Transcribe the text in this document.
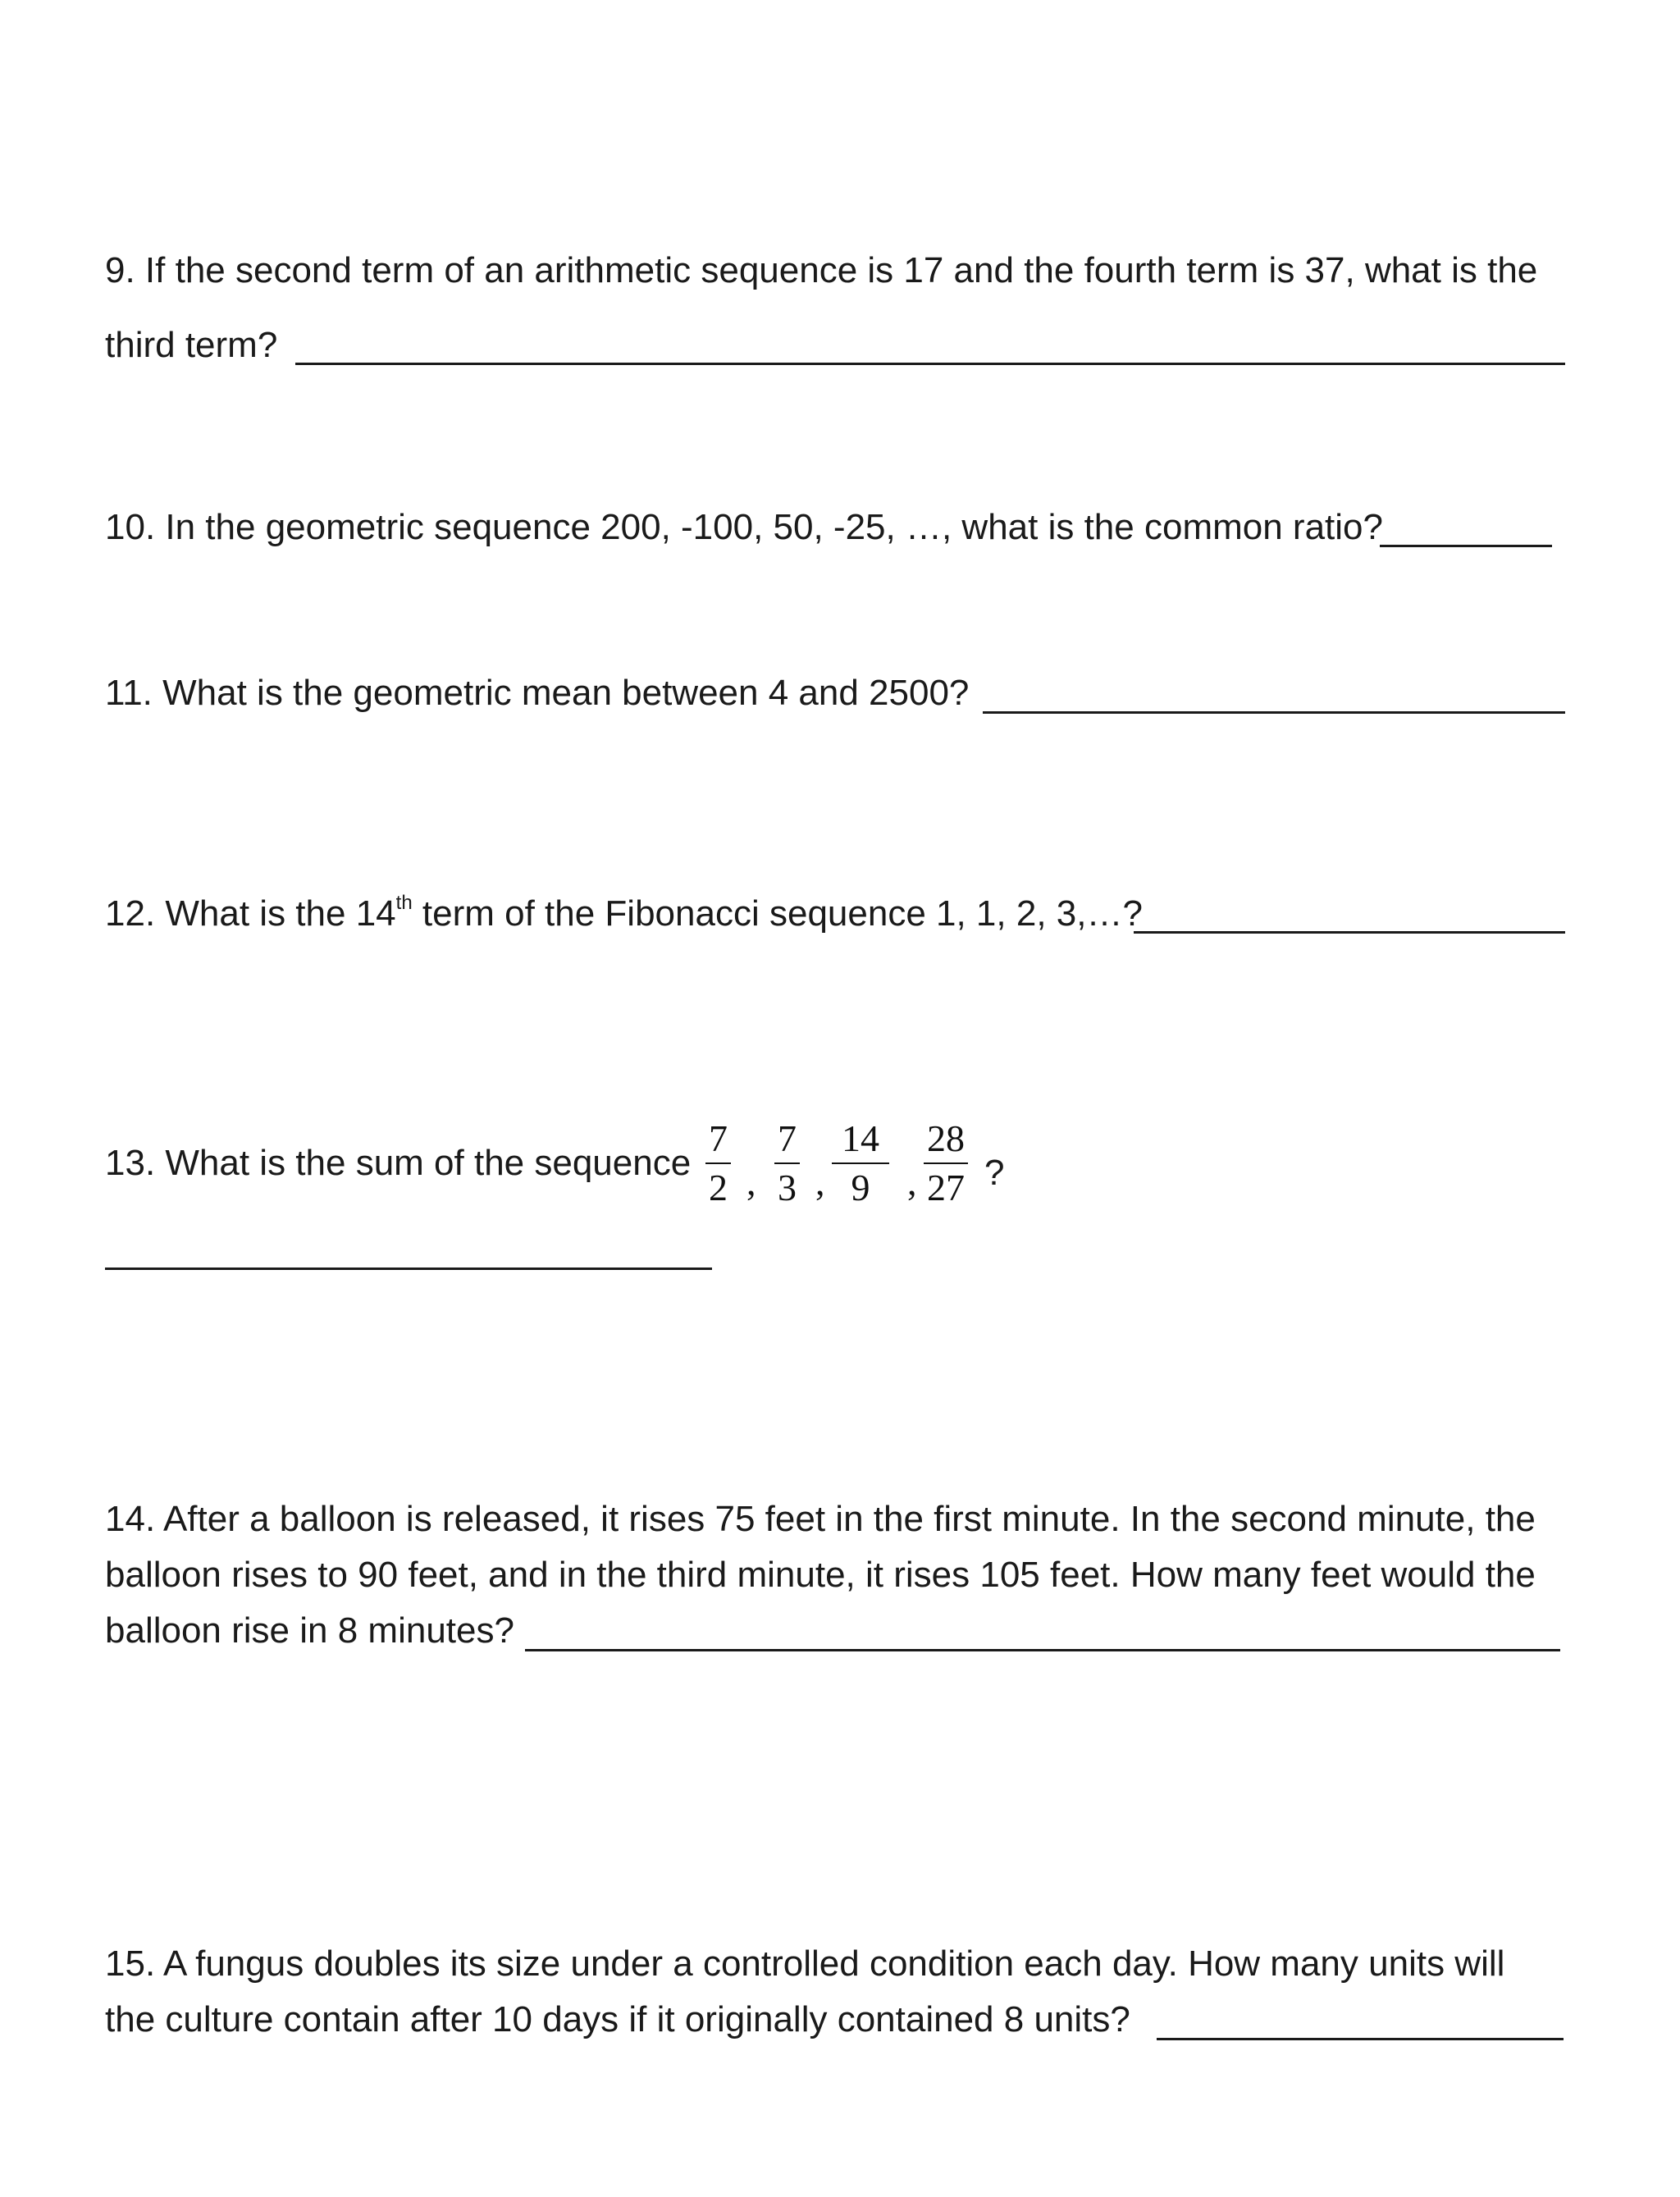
9. If the second term of an arithmetic sequence is 17 and the fourth term is 37, what is the
third term?
10. In the geometric sequence 200, -100, 50, -25, …, what is the common ratio?
11. What is the geometric mean between 4 and 2500?
12. What is the 14th term of the Fibonacci sequence 1, 1, 2, 3,…?
13. What is the sum of the sequence
7
2 ,
7
3 ,
14
9 ,
28
27 ?
14. After a balloon is released, it rises 75 feet in the first minute. In the second minute, the
balloon rises to 90 feet, and in the third minute, it rises 105 feet. How many feet would the
balloon rise in 8 minutes?
15. A fungus doubles its size under a controlled condition each day. How many units will
the culture contain after 10 days if it originally contained 8 units?
